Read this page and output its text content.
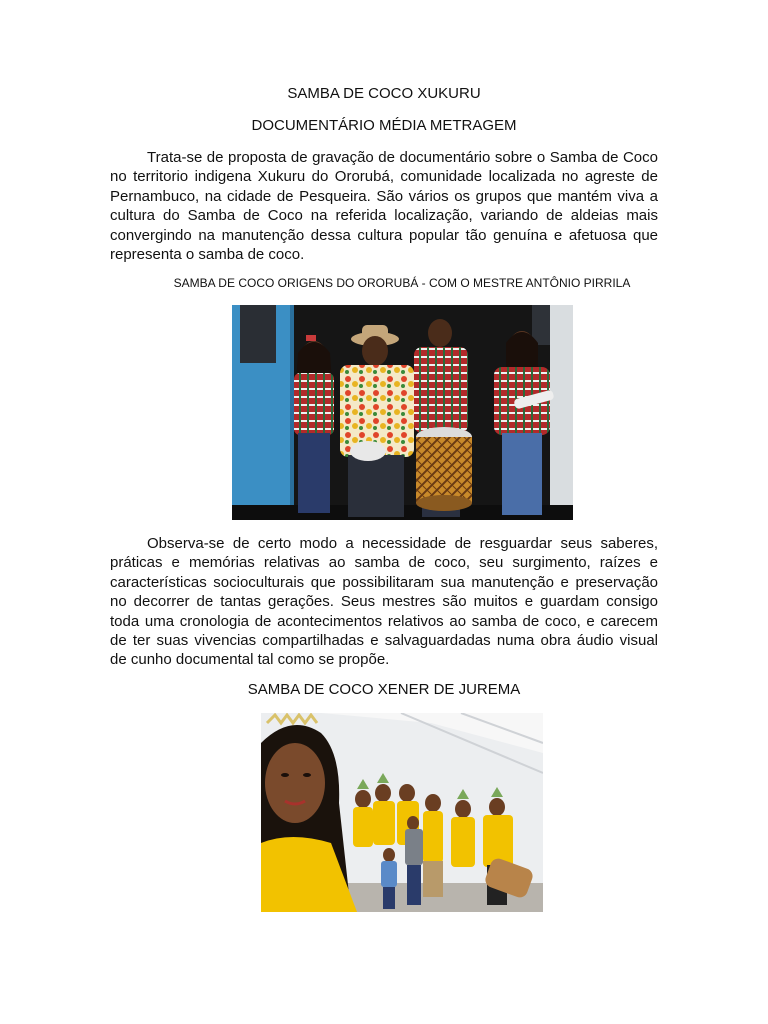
SAMBA DE COCO XUKURU

DOCUMENTÁRIO MÉDIA METRAGEM

Trata-se de proposta de gravação de documentário sobre o Samba de Coco no territorio indigena Xukuru do Ororubá, comunidade localizada no agreste de Pernambuco, na cidade de Pesqueira. São vários os grupos que mantém viva a cultura do Samba de Coco na referida localização, variando de aldeias mais convergindo na manutenção dessa cultura popular tão genuína e afetuosa que representa o samba de coco.

SAMBA DE COCO ORIGENS DO ORORUBÁ - COM O MESTRE ANTÔNIO PIRRILA

Observa-se de certo modo a necessidade de resguardar seus saberes, práticas e memórias relativas ao samba de coco, seu surgimento, raízes e características socioculturais que possibilitaram sua manutenção e preservação no decorrer de tantas gerações. Seus mestres são muitos e guardam consigo toda uma cronologia de acontecimentos relativos ao samba de coco, e carecem de ter suas vivencias compartilhadas e salvaguardadas numa obra áudio visual de cunho documental tal como se propõe.

SAMBA DE COCO XENER DE JUREMA
